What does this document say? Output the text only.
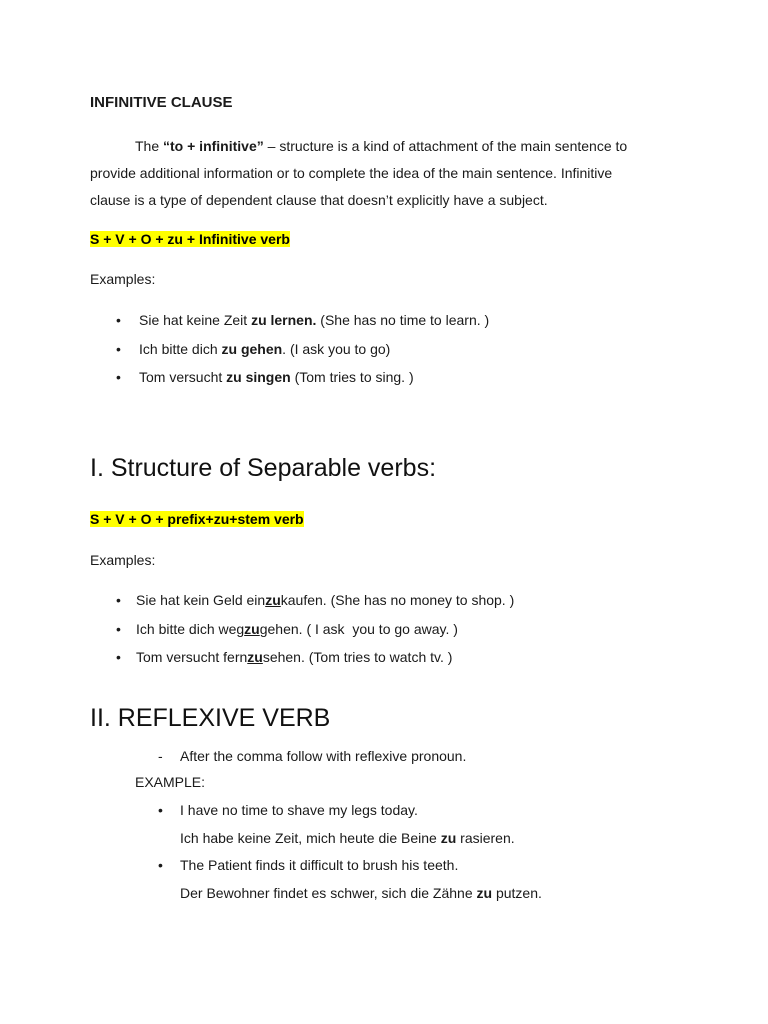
INFINITIVE CLAUSE
The “to + infinitive” – structure is a kind of attachment of the main sentence to
provide additional information or to complete the idea of the main sentence. Infinitive
clause is a type of dependent clause that doesn’t explicitly have a subject.
S + V + O + zu + Infinitive verb
Examples:
• Sie hat keine Zeit zu lernen. (She has no time to learn. )
• Ich bitte dich zu gehen. (I ask you to go)
• Tom versucht zu singen (Tom tries to sing. )
I. Structure of Separable verbs:
S + V + O + prefix+zu+stem verb
Examples:
• Sie hat kein Geld einzukaufen. (She has no money to shop. )
• Ich bitte dich wegzugehen. ( I ask  you to go away. )
• Tom versucht fernzusehen. (Tom tries to watch tv. )
II. REFLEXIVE VERB
- After the comma follow with reflexive pronoun.
EXAMPLE:
• I have no time to shave my legs today.
Ich habe keine Zeit, mich heute die Beine zu rasieren.
• The Patient finds it difficult to brush his teeth.
Der Bewohner findet es schwer, sich die Zähne zu putzen.
